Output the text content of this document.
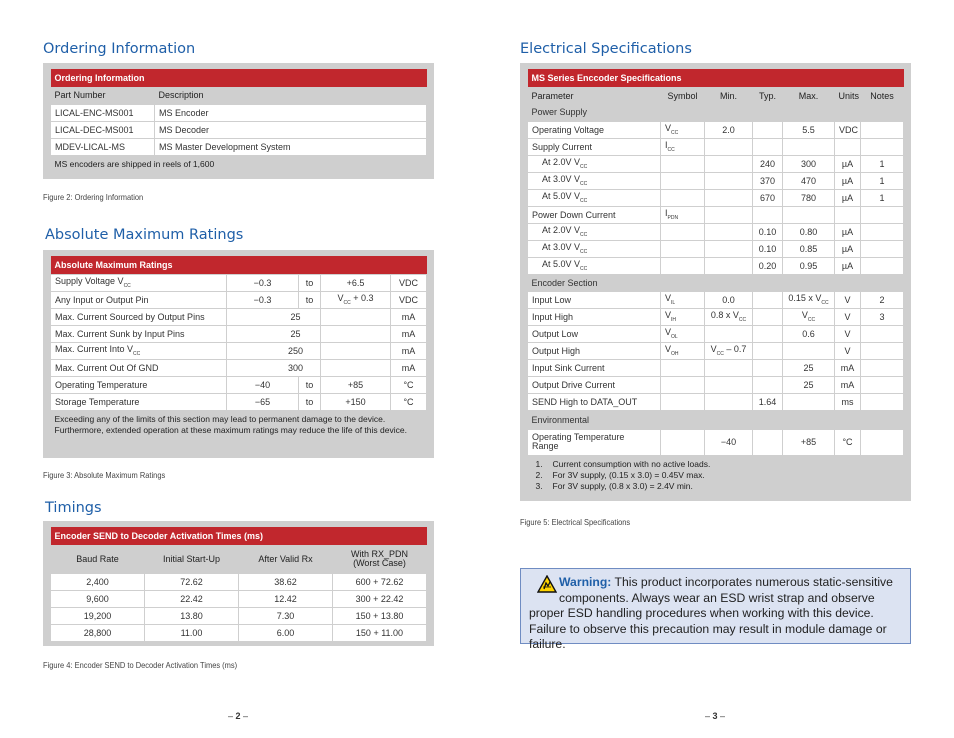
Ordering Information
Ordering Information	
Part Number	Description
LICAL-ENC-MS001	MS Encoder
LICAL-DEC-MS001	MS Decoder
MDEV-LICAL-MS	MS Master Development System
MS encoders are shipped in reels of 1,600	
Figure 2: Ordering Information
Absolute Maximum Ratings
Absolute Maximum Ratings				
Supply Voltage $V_{CC}$	−0.3	to	+6.5	VDC
Any Input or Output Pin	−0.3	to	$V_{CC} + 0.3$	VDC
Max. Current Sourced by Output Pins	25			mA
Max. Current Sunk by Input Pins	25			mA
Max. Current Into $V_{CC}$	250			mA
Max. Current Out Of GND	300			mA
Operating Temperature	−40	to	+85	°C
Storage Temperature	−65	to	+150	°C
Exceeding any of the limits of this section may lead to permanent damage to the device. Furthermore, extended operation at these maximum ratings may reduce the life of this device.				
Figure 3: Absolute Maximum Ratings
Timings
Encoder SEND to Decoder Activation Times (ms)			
Baud Rate	Initial Start-Up	After Valid Rx	With RX_PDN
(Worst Case)
2,400	72.62	38.62	600 + 72.62
9,600	22.42	12.42	300 + 22.42
19,200	13.80	7.30	150 + 13.80
28,800	11.00	6.00	150 + 11.00
Figure 4: Encoder SEND to Decoder Activation Times (ms)
– 2 –
Electrical Specifications
MS Series Enccoder Specifications						
Parameter	Symbol	Min.	Typ.	Max.	Units	Notes
Power Supply						
Operating Voltage	$V_{CC}$	2.0		5.5	VDC	
Supply Current	$I_{CC}$					
At 2.0V $V_{CC}$			240	300	µA	1
At 3.0V $V_{CC}$			370	470	µA	1
At 5.0V $V_{CC}$			670	780	µA	1
Power Down Current	$I_{PDN}$					
At 2.0V $V_{CC}$			0.10	0.80	µA	
At 3.0V $V_{CC}$			0.10	0.85	µA	
At 5.0V $V_{CC}$			0.20	0.95	µA	
Encoder Section						
Input Low	$V_{IL}$	0.0		0.15 x $V_{CC}$	V	2
Input High	$V_{IH}$	0.8 x $V_{CC}$		$V_{CC}$	V	3
Output Low	$V_{OL}$			0.6	V	
Output High	$V_{OH}$	$V_{CC} - 0.7$			V	
Input Sink Current				25	mA	
Output Drive Current				25	mA	
SEND High to DATA_OUT			1.64		ms	
Environmental						
Operating Temperature
Range		−40		+85	°C	

1. Current consumption with no active loads.
2. For 3V supply, (0.15 x 3.0) = 0.45V max.
3. For 3V supply, (0.8 x 3.0) = 2.4V min.						
Figure 5: Electrical Specifications
Warning: This product incorporates numerous static-sensitive components. Always wear an ESD wrist strap and observe proper ESD handling procedures when working with this device. Failure to observe this precaution may result in module damage or failure.
– 3 –
